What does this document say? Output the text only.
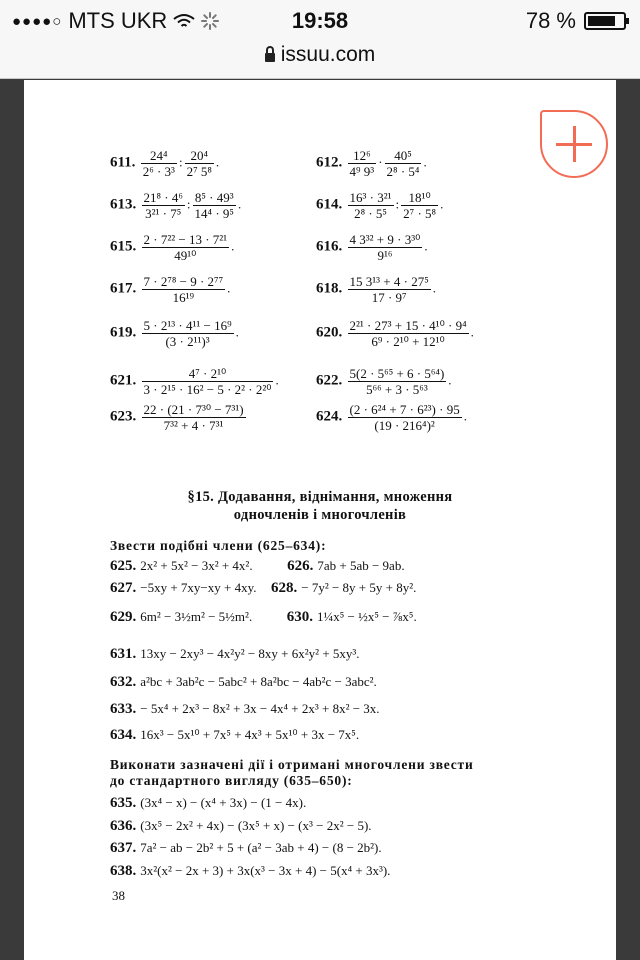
●●●●○ MTS UKR	19:58	78 %
issuu.com
611. $\frac{\text{24⁴}}{\text{2⁶ · 3³}}$ : $\frac{\text{20⁴}}{\text{2⁷ 5⁸}}$ .	612. $\frac{\text{12⁶}}{\text{4⁹ 9³}} \cdot \frac{\text{40⁵}}{\text{2⁸ · 5⁴}}$ .
613. $\frac{\text{21⁸ · 4⁶}}{\text{3²¹ · 7⁵}}$ : $\frac{\text{8⁵ · 49³}}{\text{14⁴ · 9⁵}}$ .	614. $\frac{\text{16³ · 3²¹}}{\text{2⁸ · 5⁵}}$ : $\frac{\text{18¹⁰}}{\text{2⁷ · 5⁸}}$ .
615. $\frac{\text{2 · 7²² − 13 · 7²¹}}{\text{49¹⁰}}$ .	616. $\frac{\text{4 3³² + 9 · 3³⁰}}{\text{9¹⁶}}$ .
617. $\frac{\text{7 · 2⁷⁸ − 9 · 2⁷⁷}}{\text{16¹⁹}}$ .	618. $\frac{\text{15 3¹³ + 4 · 27⁵}}{\text{17 · 9⁷}}$ .
619. $\frac{\text{5 · 2¹³ · 4¹¹ − 16⁹}}{\text{(3 · 2¹¹)³}}$ .	620. $\frac{\text{2²¹ · 27³ + 15 · 4¹⁰ · 9⁴}}{\text{6⁹ · 2¹⁰ + 12¹⁰}}$ .
621. $\frac{\text{4⁷ · 2¹⁰}}{\text{3 · 2¹⁵ · 16² − 5 · 2² · 2²⁰}}$ . 622. $\frac{\text{5(2 · 5⁶⁵ + 6 · 5⁶⁴)}}{\text{5⁶⁶ + 3 · 5⁶³}}$ .
623. $\frac{\text{22 · (21 · 7³⁰ − 7³¹)}}{\text{7³² + 4 · 7³¹}}$	624. $\frac{\text{(2 · 6²⁴ + 7 · 6²³) · 95}}{\text{(19 · 216⁴)²}}$ .
§15. Додавання, віднімання, множення
одночленів і многочленів
Звести подібні члени (625–634):
625. 2x² + 5x² − 3x² + 4x². 626. 7ab + 5ab − 9ab.
627. −5xy + 7xy−xy + 4xy. 628. − 7y² − 8y + 5y + 8y².
629. 6m² − 3½m² − 5½m². 630. 1¼x⁵ − ½x⁵ − ⅞x⁵.
631. 13xy − 2xy³ − 4x²y² − 8xy + 6x²y² + 5xy³.
632. a²bc + 3ab²c − 5abc² + 8a²bc − 4ab²c − 3abc².
633. − 5x⁴ + 2x³ − 8x² + 3x − 4x⁴ + 2x³ + 8x² − 3x.
634. 16x³ − 5x¹⁰ + 7x⁵ + 4x³ + 5x¹⁰ + 3x − 7x⁵.
Виконати зазначені дії і отримані многочлени звести
до стандартного вигляду (635–650):
635. (3x⁴ − x) − (x⁴ + 3x) − (1 − 4x).
636. (3x⁵ − 2x² + 4x) − (3x⁵ + x) − (x³ − 2x² − 5).
637. 7a² − ab − 2b² + 5 + (a² − 3ab + 4) − (8 − 2b²).
638. 3x²(x² − 2x + 3) + 3x(x³ − 3x + 4) − 5(x⁴ + 3x³).
38
